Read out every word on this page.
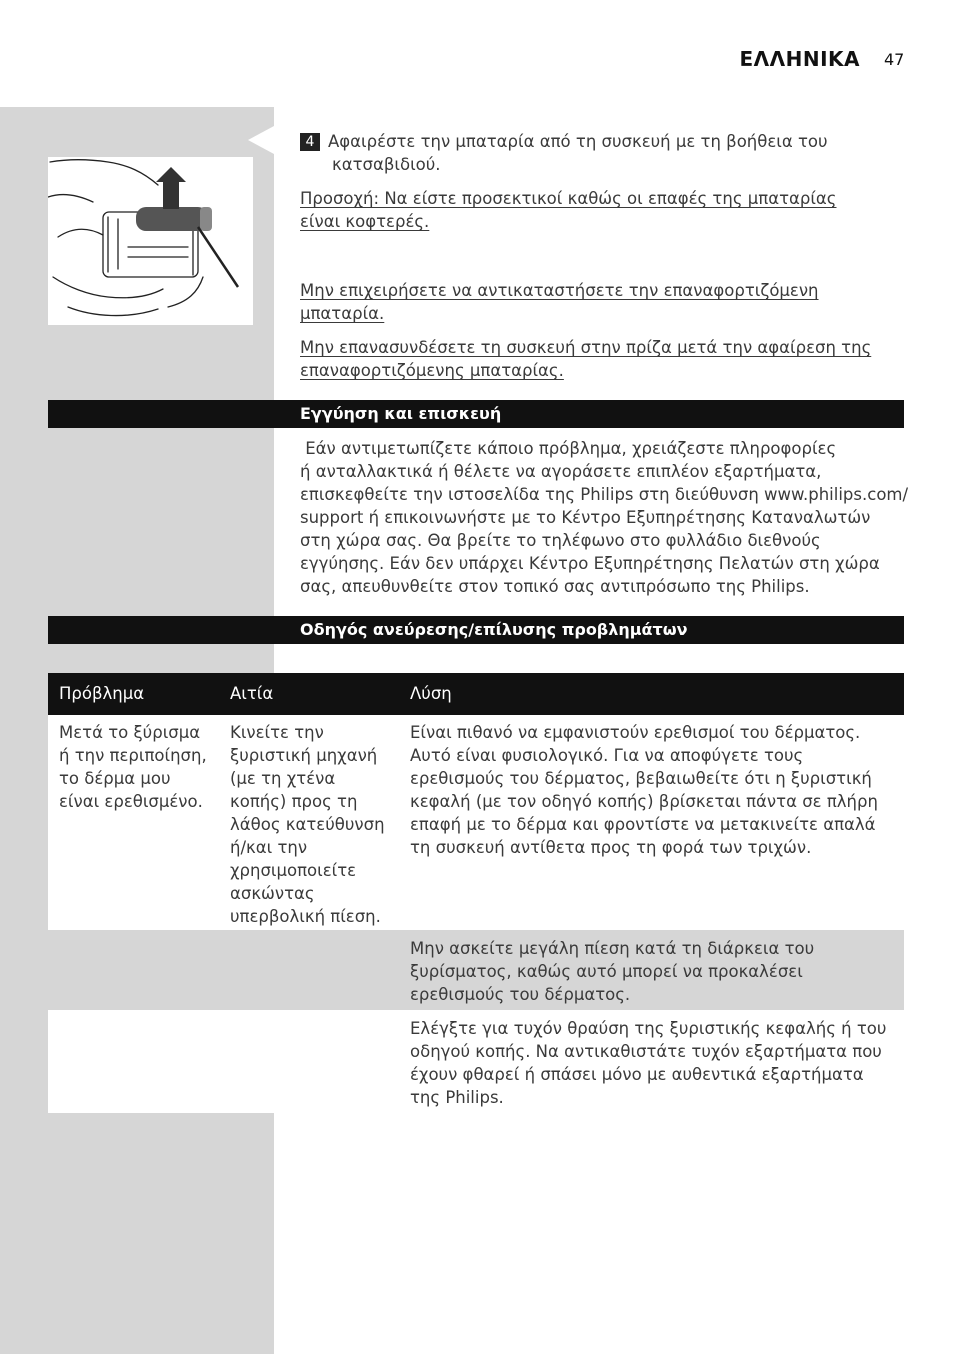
ΕΛΛΗΝΙΚΑ 47
4 Αφαιρέστε την μπαταρία από τη συσκευή με τη βοήθεια του
κατσαβιδιού.
Προσοχή: Να είστε προσεκτικοί καθώς οι επαφές της μπαταρίας
είναι κοφτερές.
Μην επιχειρήσετε να αντικαταστήσετε την επαναφορτιζόμενη
μπαταρία.
Μην επανασυνδέσετε τη συσκευή στην πρίζα μετά την αφαίρεση της
επαναφορτιζόμενης μπαταρίας.
Εγγύηση και επισκευή
Εάν αντιμετωπίζετε κάποιο πρόβλημα, χρειάζεστε πληροφορίες
ή ανταλλακτικά ή θέλετε να αγοράσετε επιπλέον εξαρτήματα,
επισκεφθείτε την ιστοσελίδα της Philips στη διεύθυνση www.philips.com/
support ή επικοινωνήστε με το Κέντρο Εξυπηρέτησης Καταναλωτών
στη χώρα σας. Θα βρείτε το τηλέφωνο στο φυλλάδιο διεθνούς
εγγύησης. Εάν δεν υπάρχει Κέντρο Εξυπηρέτησης Πελατών στη χώρα
σας, απευθυνθείτε στον τοπικό σας αντιπρόσωπο της Philips.
Οδηγός ανεύρεσης/επίλυσης προβλημάτων
Πρόβλημα	Αιτία	Λύση
Μετά το ξύρισμα
ή την περιποίηση,
το δέρμα μου
είναι ερεθισμένο.
Κινείτε την
ξυριστική μηχανή
(με τη χτένα
κοπής) προς τη
λάθος κατεύθυνση
ή/και την
χρησιμοποιείτε
ασκώντας
υπερβολική πίεση.
Είναι πιθανό να εμφανιστούν ερεθισμοί του δέρματος.
Αυτό είναι φυσιολογικό. Για να αποφύγετε τους
ερεθισμούς του δέρματος, βεβαιωθείτε ότι η ξυριστική
κεφαλή (με τον οδηγό κοπής) βρίσκεται πάντα σε πλήρη
επαφή με το δέρμα και φροντίστε να μετακινείτε απαλά
τη συσκευή αντίθετα προς τη φορά των τριχών.
Μην ασκείτε μεγάλη πίεση κατά τη διάρκεια του
ξυρίσματος, καθώς αυτό μπορεί να προκαλέσει
ερεθισμούς του δέρματος.
Ελέγξτε για τυχόν θραύση της ξυριστικής κεφαλής ή του
οδηγού κοπής. Να αντικαθιστάτε τυχόν εξαρτήματα που
έχουν φθαρεί ή σπάσει μόνο με αυθεντικά εξαρτήματα
της Philips.
